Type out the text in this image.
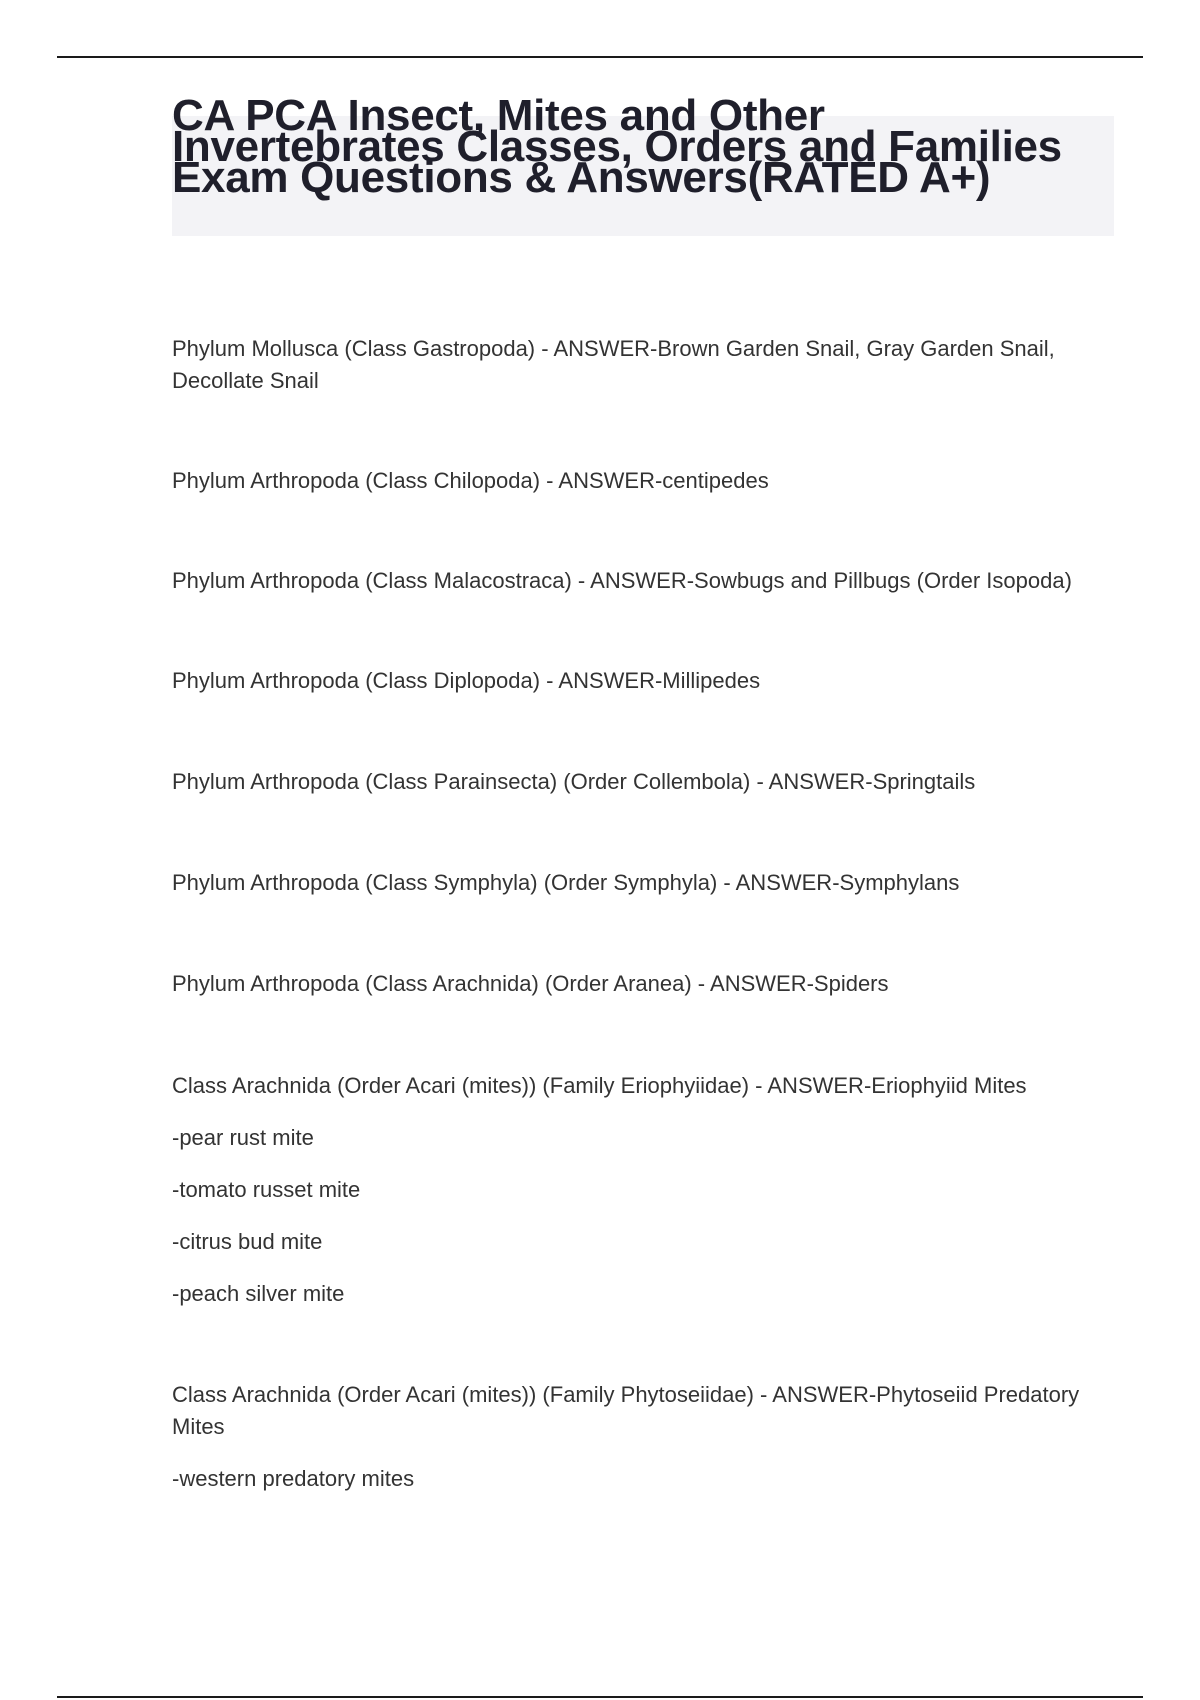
CA PCA Insect, Mites and Other Invertebrates Classes, Orders and Families Exam Questions & Answers(RATED A+)

Phylum Mollusca (Class Gastropoda) - ANSWER-Brown Garden Snail, Gray Garden Snail, Decollate Snail

Phylum Arthropoda (Class Chilopoda) - ANSWER-centipedes

Phylum Arthropoda (Class Malacostraca) - ANSWER-Sowbugs and Pillbugs (Order Isopoda)

Phylum Arthropoda (Class Diplopoda) - ANSWER-Millipedes

Phylum Arthropoda (Class Parainsecta) (Order Collembola) - ANSWER-Springtails

Phylum Arthropoda (Class Symphyla) (Order Symphyla) - ANSWER-Symphylans

Phylum Arthropoda (Class Arachnida) (Order Aranea) - ANSWER-Spiders

Class Arachnida (Order Acari (mites)) (Family Eriophyiidae) - ANSWER-Eriophyiid Mites

-pear rust mite

-tomato russet mite

-citrus bud mite

-peach silver mite

Class Arachnida (Order Acari (mites)) (Family Phytoseiidae) - ANSWER-Phytoseiid Predatory Mites

-western predatory mites
